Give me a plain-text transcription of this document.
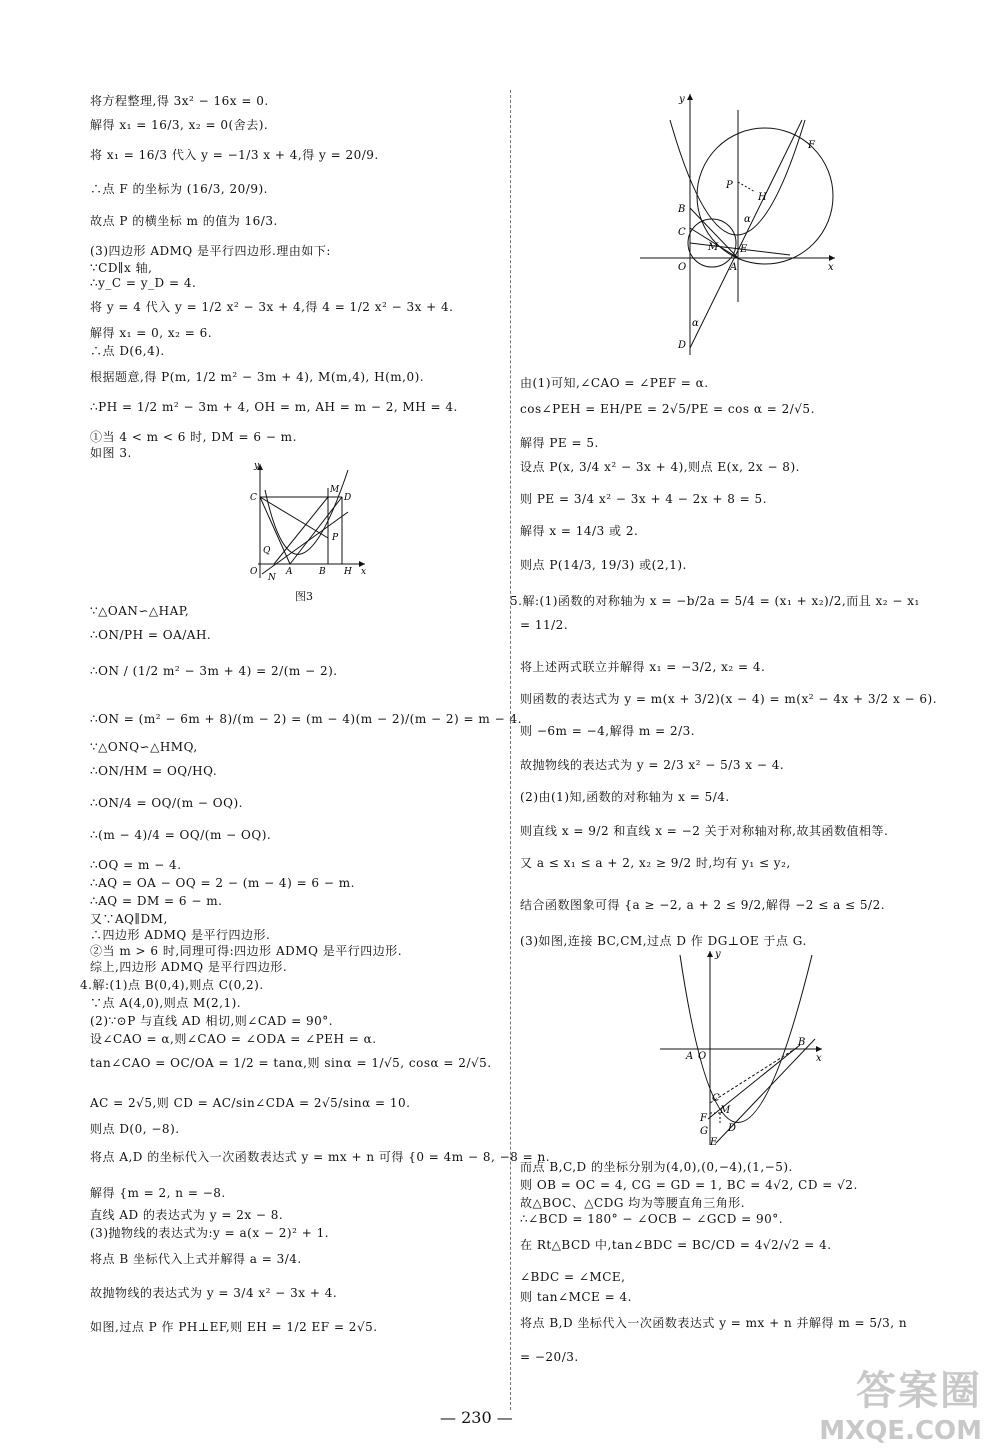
将方程整理,得 3x² − 16x = 0.
解得 x₁ = 16/3, x₂ = 0(舍去).
将 x₁ = 16/3 代入 y = −1/3 x + 4,得 y = 20/9.
∴点 F 的坐标为 (16/3, 20/9).
故点 P 的横坐标 m 的值为 16/3.
(3)四边形 ADMQ 是平行四边形.理由如下:
∵CD∥x 轴,
∴y_C = y_D = 4.
将 y = 4 代入 y = 1/2 x² − 3x + 4,得 4 = 1/2 x² − 3x + 4.
解得 x₁ = 0, x₂ = 6.
∴点 D(6,4).
根据题意,得 P(m, 1/2 m² − 3m + 4), M(m,4), H(m,0).
∴PH = 1/2 m² − 3m + 4, OH = m, AH = m − 2, MH = 4.
①当 4 < m < 6 时, DM = 6 − m.
如图 3.
C
y
M
D
P
Q
O	A	B H x
N
图3
∵△OAN∽△HAP,
∴ON/PH = OA/AH.
∴ON / (1/2 m² − 3m + 4) = 2/(m − 2).
∴ON = (m² − 6m + 8)/(m − 2) = (m − 4)(m − 2)/(m − 2) = m − 4.
∵△ONQ∽△HMQ,
∴ON/HM = OQ/HQ.
∴ON/4 = OQ/(m − OQ).
∴(m − 4)/4 = OQ/(m − OQ).
∴OQ = m − 4.
∴AQ = OA − OQ = 2 − (m − 4) = 6 − m.
∴AQ = DM = 6 − m.
又∵AQ∥DM,
∴四边形 ADMQ 是平行四边形.
②当 m > 6 时,同理可得:四边形 ADMQ 是平行四边形.
综上,四边形 ADMQ 是平行四边形.
4.解:(1)点 B(0,4),则点 C(0,2).
∵点 A(4,0),则点 M(2,1).
(2)∵⊙P 与直线 AD 相切,则∠CAD = 90°.
设∠CAO = α,则∠CAO = ∠ODA = ∠PEH = α.
tan∠CAO = OC/OA = 1/2 = tanα,则 sinα = 1/√5, cosα = 2/√5.
AC = 2√5,则 CD = AC/sin∠CDA = 2√5/sinα = 10.
则点 D(0, −8).
将点 A,D 的坐标代入一次函数表达式 y = mx + n 可得 {0 = 4m − 8, −8 = n.
解得 {m = 2, n = −8.
直线 AD 的表达式为 y = 2x − 8.
(3)抛物线的表达式为:y = a(x − 2)² + 1.
将点 B 坐标代入上式并解得 a = 3/4.
故抛物线的表达式为 y = 3/4 x² − 3x + 4.
如图,过点 P 作 PH⊥EF,则 EH = 1/2 EF = 2√5.
y
F
P
H
B
C
M
O	A
E
x
D
α
α
由(1)可知,∠CAO = ∠PEF = α.
cos∠PEH = EH/PE = 2√5/PE = cos α = 2/√5.
解得 PE = 5.
设点 P(x, 3/4 x² − 3x + 4),则点 E(x, 2x − 8).
则 PE = 3/4 x² − 3x + 4 − 2x + 8 = 5.
解得 x = 14/3 或 2.
则点 P(14/3, 19/3) 或(2,1).
5.解:(1)函数的对称轴为 x = −b/2a = 5/4 = (x₁ + x₂)/2,而且 x₂ − x₁
= 11/2.
将上述两式联立并解得 x₁ = −3/2, x₂ = 4.
则函数的表达式为 y = m(x + 3/2)(x − 4) = m(x² − 4x + 3/2 x − 6).
则 −6m = −4,解得 m = 2/3.
故抛物线的表达式为 y = 2/3 x² − 5/3 x − 4.
(2)由(1)知,函数的对称轴为 x = 5/4.
则直线 x = 9/2 和直线 x = −2 关于对称轴对称,故其函数值相等.
又 a ≤ x₁ ≤ a + 2, x₂ ≥ 9/2 时,均有 y₁ ≤ y₂,
结合函数图象可得 {a ≥ −2, a + 2 ≤ 9/2,解得 −2 ≤ a ≤ 5/2.
(3)如图,连接 BC,CM,过点 D 作 DG⊥OE 于点 G.
y
A O
B
x
C
M
F
G
E
D
而点 B,C,D 的坐标分别为(4,0),(0,−4),(1,−5).
则 OB = OC = 4, CG = GD = 1, BC = 4√2, CD = √2.
故△BOC、△CDG 均为等腰直角三角形.
∴∠BCD = 180° − ∠OCB − ∠GCD = 90°.
在 Rt△BCD 中,tan∠BDC = BC/CD = 4√2/√2 = 4.
∠BDC = ∠MCE,
则 tan∠MCE = 4.
将点 B,D 坐标代入一次函数表达式 y = mx + n 并解得 m = 5/3, n
= −20/3.
— 230 —
答案圈
MXQE.COM
